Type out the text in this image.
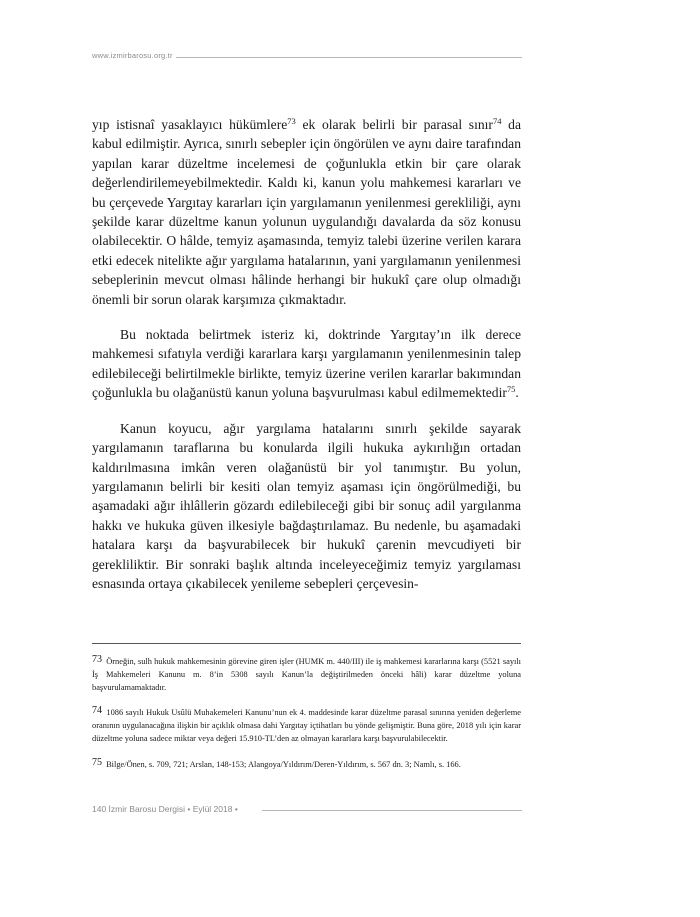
www.izmirbarosu.org.tr

yıp istisnaî yasaklayıcı hükümlere$^{73}$ ek olarak belirli bir parasal sınır$^{74}$ da kabul edilmiştir. Ayrıca, sınırlı sebepler için öngörülen ve aynı daire tarafından yapılan karar düzeltme incelemesi de çoğunlukla etkin bir çare olarak değerlendirilemeyebilmektedir. Kaldı ki, kanun yolu mahkemesi kararları ve bu çerçevede Yargıtay kararları için yargılamanın yenilenmesi gerekliliği, aynı şekilde karar düzeltme kanun yolunun uygulandığı davalarda da söz konusu olabilecektir. O hâlde, temyiz aşamasında, temyiz talebi üzerine verilen karara etki edecek nitelikte ağır yargılama hatalarının, yani yargılamanın yenilenmesi sebeplerinin mevcut olması hâlinde herhangi bir hukukî çare olup olmadığı önemli bir sorun olarak karşımıza çıkmaktadır.

Bu noktada belirtmek isteriz ki, doktrinde Yargıtay’ın ilk derece mahkemesi sıfatıyla verdiği kararlara karşı yargılamanın yenilenmesinin talep edilebileceği belirtilmekle birlikte, temyiz üzerine verilen kararlar bakımından çoğunlukla bu olağanüstü kanun yoluna başvurulması kabul edilmemektedir$^{75}$.

Kanun koyucu, ağır yargılama hatalarını sınırlı şekilde sayarak yargılamanın taraflarına bu konularda ilgili hukuka aykırılığın ortadan kaldırılmasına imkân veren olağanüstü bir yol tanımıştır. Bu yolun, yargılamanın belirli bir kesiti olan temyiz aşaması için öngörülmediği, bu aşamadaki ağır ihlâllerin gözardı edilebileceği gibi bir sonuç adil yargılanma hakkı ve hukuka güven ilkesiyle bağdaştırılamaz. Bu nedenle, bu aşamadaki hatalara karşı da başvurabilecek bir hukukî çarenin mevcudiyeti bir gerekliliktir. Bir sonraki başlık altında inceleyeceğimiz temyiz yargılaması esnasında ortaya çıkabilecek yenileme sebepleri çerçevesin-

73 Örneğin, sulh hukuk mahkemesinin görevine giren işler (HUMK m. 440/III) ile iş mahkemesi kararlarına karşı (5521 sayılı İş Mahkemeleri Kanunu m. 8’in 5308 sayılı Kanun’la değiştirilmeden önceki hâli) karar düzeltme yoluna başvurulamamaktadır.
74 1086 sayılı Hukuk Usûlü Muhakemeleri Kanunu’nun ek 4. maddesinde karar düzeltme parasal sınırına yeniden değerleme oranının uygulanacağına ilişkin bir açıklık olmasa dahi Yargıtay içtihatları bu yönde gelişmiştir. Buna göre, 2018 yılı için karar düzeltme yoluna sadece miktar veya değeri 15.910-TL’den az olmayan kararlara karşı başvurulabilecektir.
75 Bilge/Önen, s. 709, 721; Arslan, 148-153; Alangoya/Yıldırım/Deren-Yıldırım, s. 567 dn. 3; Namlı, s. 166.
140 İzmir Barosu Dergisi • Eylül 2018 •
